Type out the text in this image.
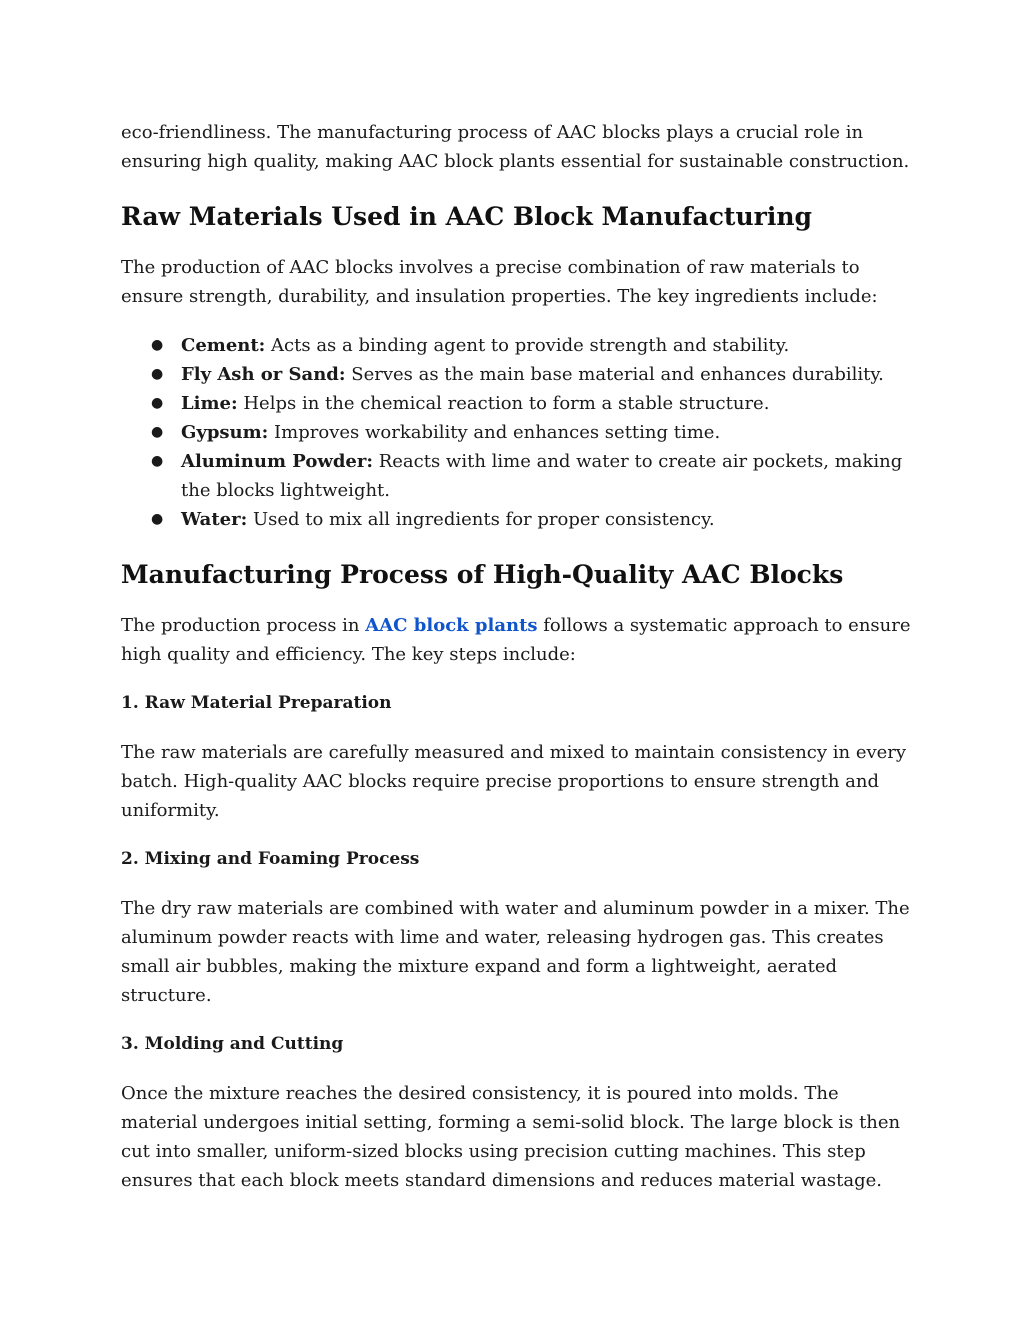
eco-friendliness. The manufacturing process of AAC blocks plays a crucial role in ensuring high quality, making AAC block plants essential for sustainable construction.

Raw Materials Used in AAC Block Manufacturing

The production of AAC blocks involves a precise combination of raw materials to ensure strength, durability, and insulation properties. The key ingredients include:

● Cement: Acts as a binding agent to provide strength and stability.
● Fly Ash or Sand: Serves as the main base material and enhances durability.
● Lime: Helps in the chemical reaction to form a stable structure.
● Gypsum: Improves workability and enhances setting time.
● Aluminum Powder: Reacts with lime and water to create air pockets, making the blocks lightweight.
● Water: Used to mix all ingredients for proper consistency.
Manufacturing Process of High-Quality AAC Blocks

The production process in AAC block plants follows a systematic approach to ensure high quality and efficiency. The key steps include:

1. Raw Material Preparation

The raw materials are carefully measured and mixed to maintain consistency in every batch. High-quality AAC blocks require precise proportions to ensure strength and uniformity.

2. Mixing and Foaming Process

The dry raw materials are combined with water and aluminum powder in a mixer. The aluminum powder reacts with lime and water, releasing hydrogen gas. This creates small air bubbles, making the mixture expand and form a lightweight, aerated structure.

3. Molding and Cutting

Once the mixture reaches the desired consistency, it is poured into molds. The material undergoes initial setting, forming a semi-solid block. The large block is then cut into smaller, uniform-sized blocks using precision cutting machines. This step ensures that each block meets standard dimensions and reduces material wastage.
